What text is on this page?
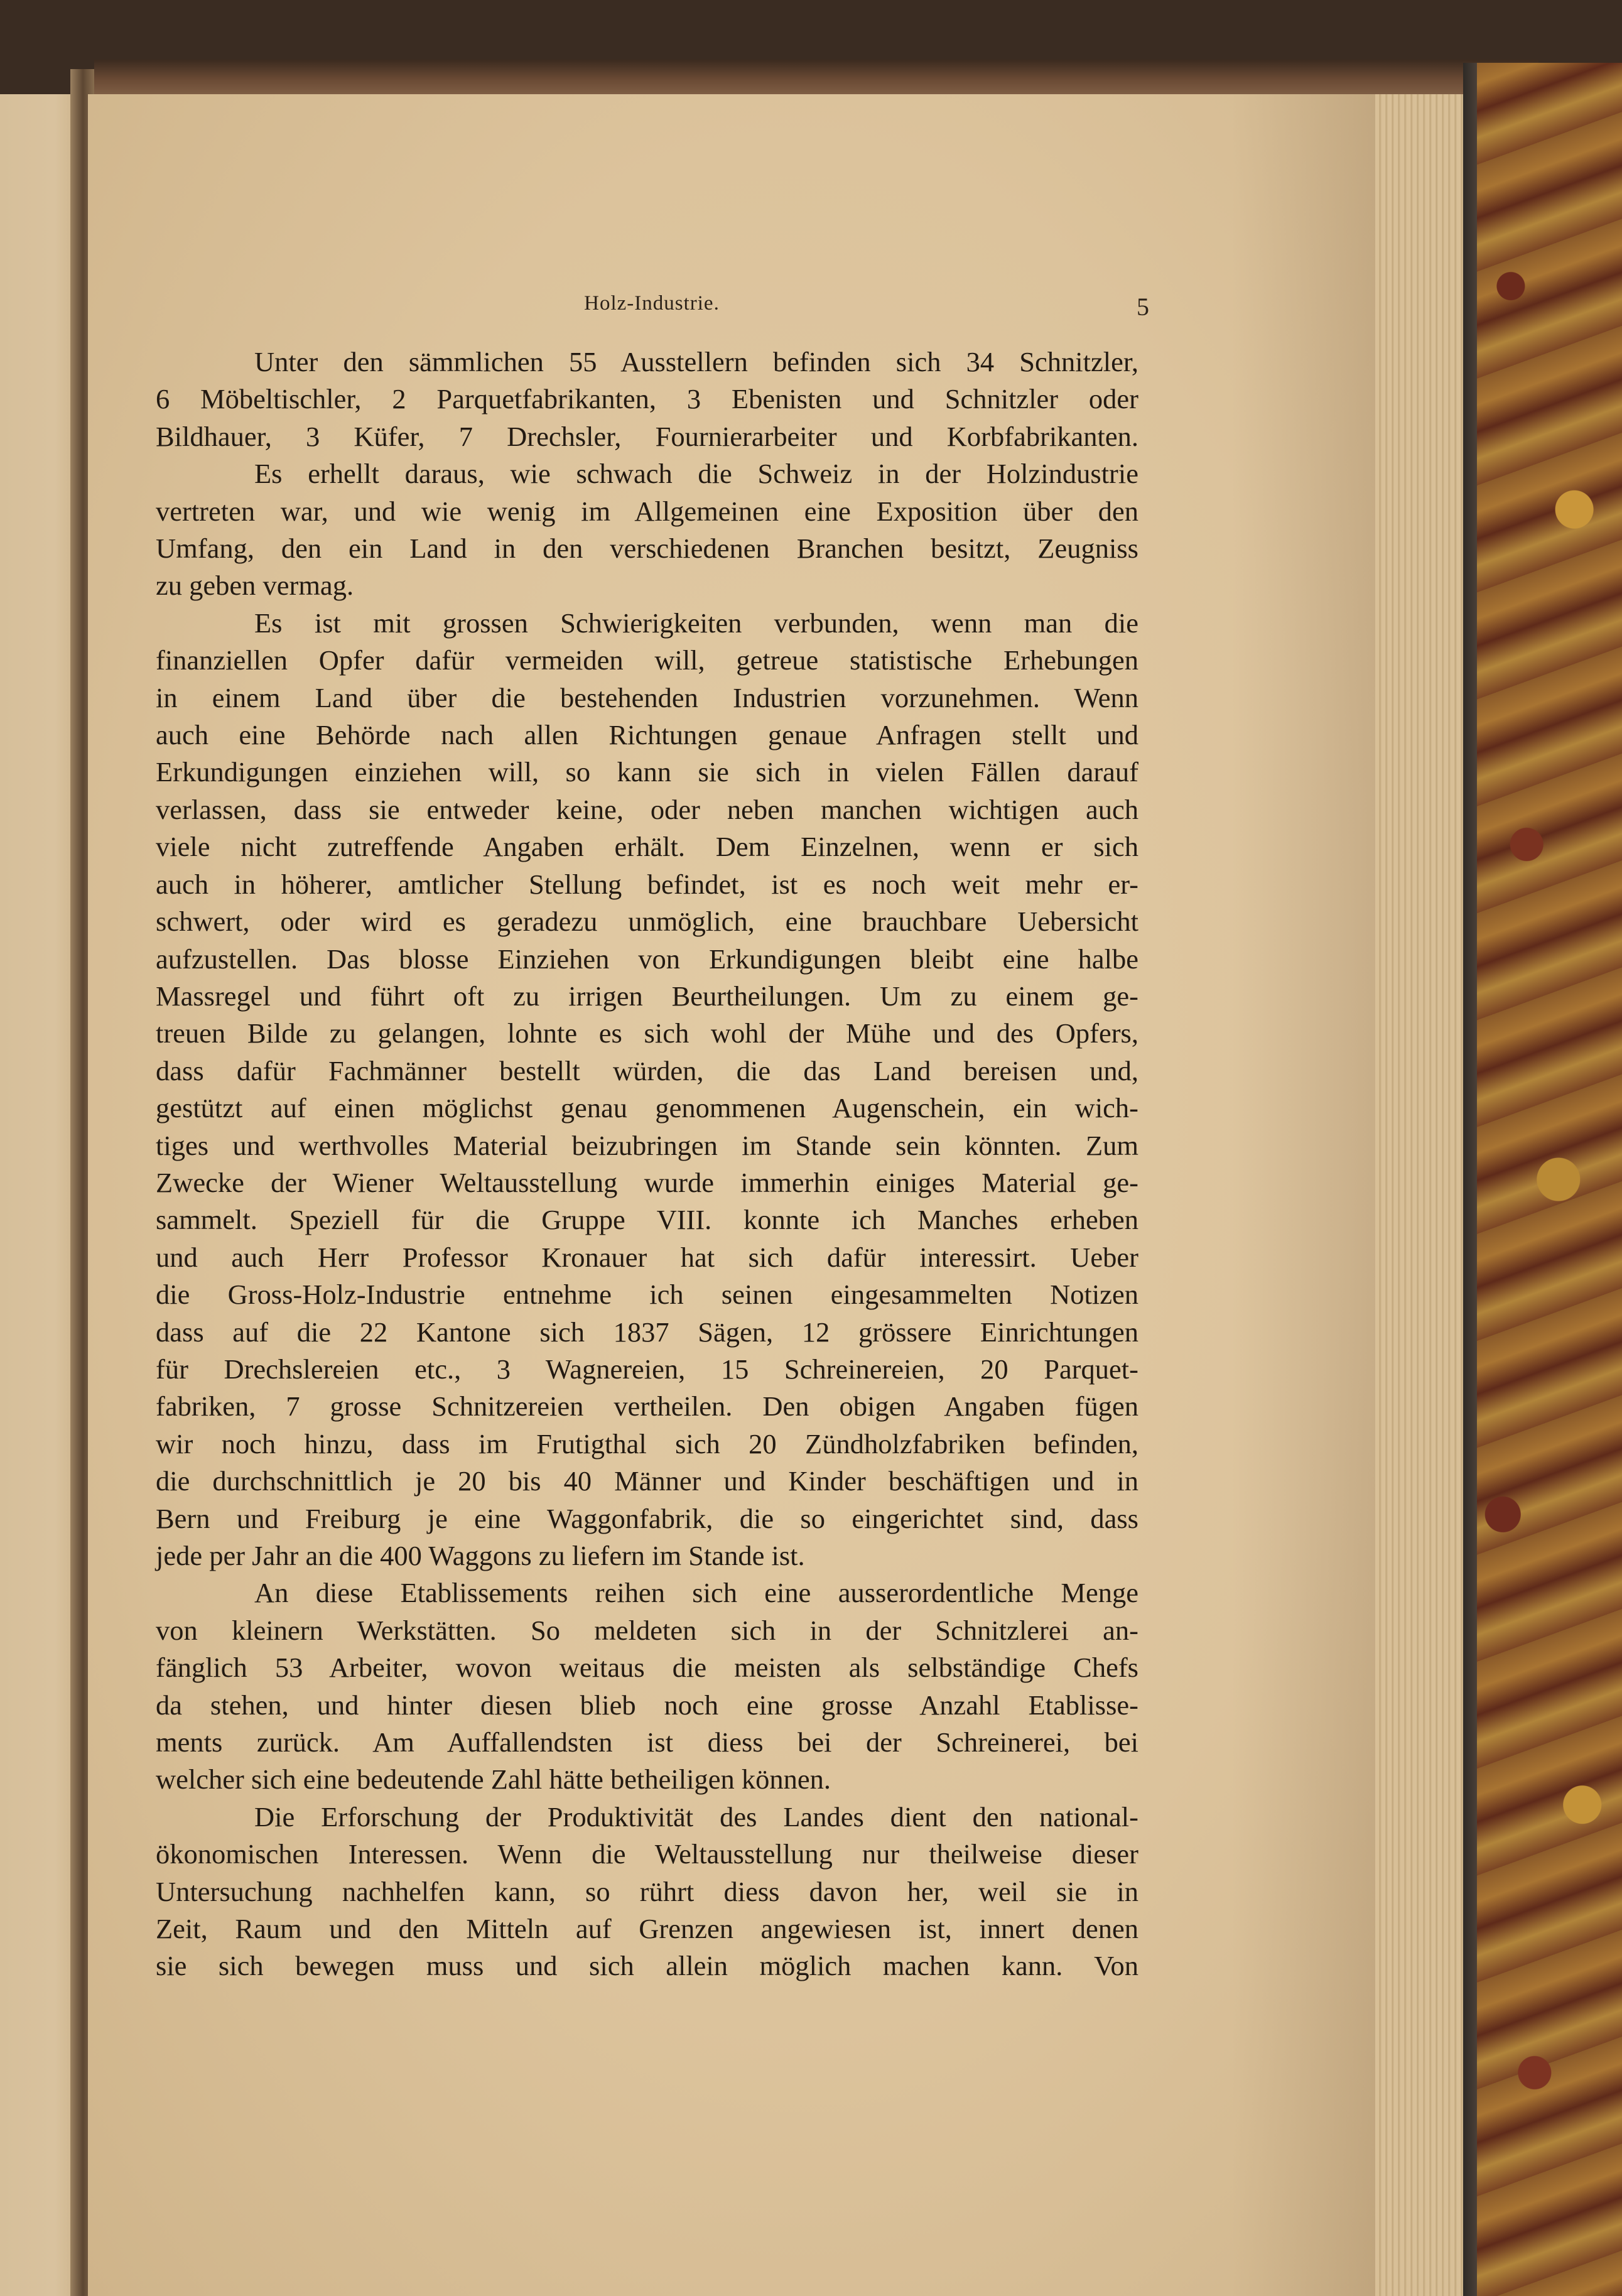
Holz-Industrie.	5

Unter den sämmlichen 55 Ausstellern befinden sich 34 Schnitzler,

6 Möbeltischler, 2 Parquetfabrikanten, 3 Ebenisten und Schnitzler oder

Bildhauer, 3 Küfer, 7 Drechsler, Fournierarbeiter und Korbfabrikanten.

Es erhellt daraus, wie schwach die Schweiz in der Holzindustrie

vertreten war, und wie wenig im Allgemeinen eine Exposition über den

Umfang, den ein Land in den verschiedenen Branchen besitzt, Zeugniss

zu geben vermag.

Es ist mit grossen Schwierigkeiten verbunden, wenn man die

finanziellen Opfer dafür vermeiden will, getreue statistische Erhebungen

in einem Land über die bestehenden Industrien vorzunehmen. Wenn

auch eine Behörde nach allen Richtungen genaue Anfragen stellt und

Erkundigungen einziehen will, so kann sie sich in vielen Fällen darauf

verlassen, dass sie entweder keine, oder neben manchen wichtigen auch

viele nicht zutreffende Angaben erhält. Dem Einzelnen, wenn er sich

auch in höherer, amtlicher Stellung befindet, ist es noch weit mehr er-

schwert, oder wird es geradezu unmöglich, eine brauchbare Uebersicht

aufzustellen. Das blosse Einziehen von Erkundigungen bleibt eine halbe

Massregel und führt oft zu irrigen Beurtheilungen. Um zu einem ge-

treuen Bilde zu gelangen, lohnte es sich wohl der Mühe und des Opfers,

dass dafür Fachmänner bestellt würden, die das Land bereisen und,

gestützt auf einen möglichst genau genommenen Augenschein, ein wich-

tiges und werthvolles Material beizubringen im Stande sein könnten. Zum

Zwecke der Wiener Weltausstellung wurde immerhin einiges Material ge-

sammelt. Speziell für die Gruppe VIII. konnte ich Manches erheben

und auch Herr Professor Kronauer hat sich dafür interessirt. Ueber

die Gross-Holz-Industrie entnehme ich seinen eingesammelten Notizen

dass auf die 22 Kantone sich 1837 Sägen, 12 grössere Einrichtungen

für Drechslereien etc., 3 Wagnereien, 15 Schreinereien, 20 Parquet-

fabriken, 7 grosse Schnitzereien vertheilen. Den obigen Angaben fügen

wir noch hinzu, dass im Frutigthal sich 20 Zündholzfabriken befinden,

die durchschnittlich je 20 bis 40 Männer und Kinder beschäftigen und in

Bern und Freiburg je eine Waggonfabrik, die so eingerichtet sind, dass

jede per Jahr an die 400 Waggons zu liefern im Stande ist.

An diese Etablissements reihen sich eine ausserordentliche Menge

von kleinern Werkstätten. So meldeten sich in der Schnitzlerei an-

fänglich 53 Arbeiter, wovon weitaus die meisten als selbständige Chefs

da stehen, und hinter diesen blieb noch eine grosse Anzahl Etablisse-

ments zurück. Am Auffallendsten ist diess bei der Schreinerei, bei

welcher sich eine bedeutende Zahl hätte betheiligen können.

Die Erforschung der Produktivität des Landes dient den national-

ökonomischen Interessen. Wenn die Weltausstellung nur theilweise dieser

Untersuchung nachhelfen kann, so rührt diess davon her, weil sie in

Zeit, Raum und den Mitteln auf Grenzen angewiesen ist, innert denen

sie sich bewegen muss und sich allein möglich machen kann. Von
